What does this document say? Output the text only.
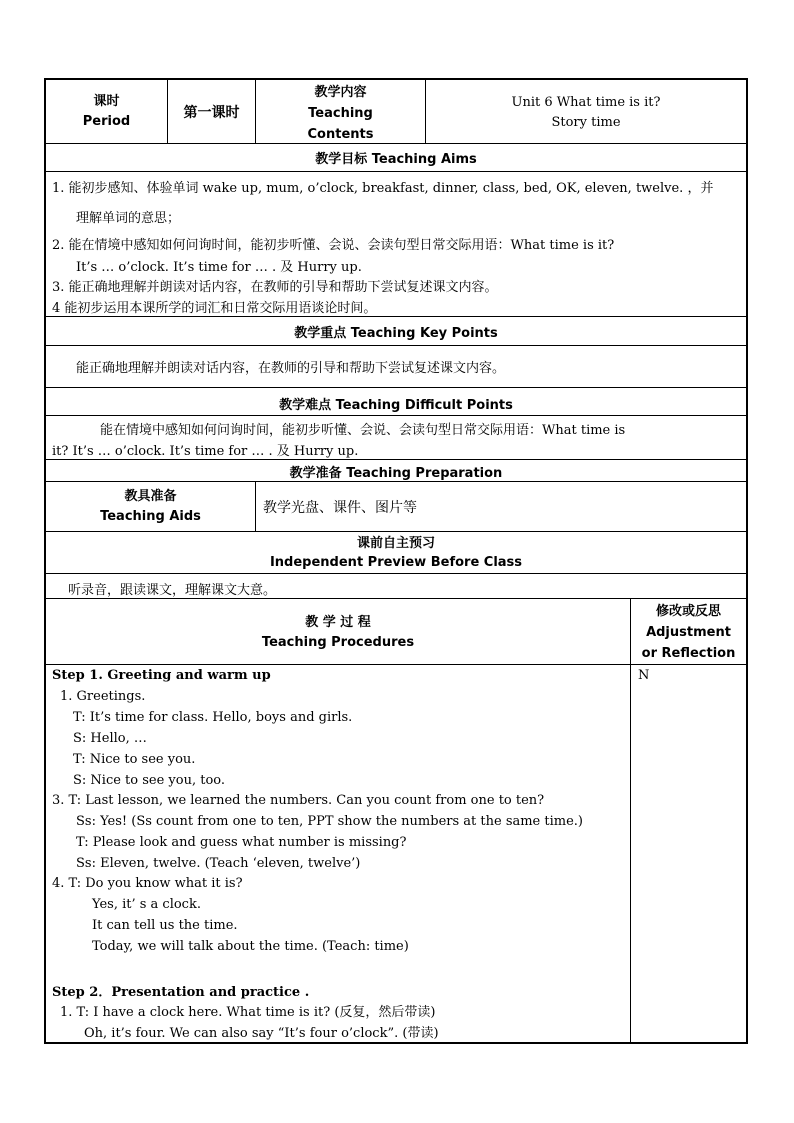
课时
Period
第一课时
教学内容
Teaching
Contents
Unit 6 What time is it?
Story time
教学目标 Teaching Aims
1. 能初步感知、体验单词 wake up, mum, o’clock, breakfast, dinner, class, bed, OK, eleven, twelve. ，并
理解单词的意思；
2. 能在情境中感知如何问询时间，能初步听懂、会说、会读句型日常交际用语：What time is it?
It’s … o’clock. It’s time for … . 及 Hurry up.
3. 能正确地理解并朗读对话内容，在教师的引导和帮助下尝试复述课文内容。
4 能初步运用本课所学的词汇和日常交际用语谈论时间。
教学重点 Teaching Key Points
能正确地理解并朗读对话内容，在教师的引导和帮助下尝试复述课文内容。
教学难点 Teaching Difficult Points
能在情境中感知如何问询时间，能初步听懂、会说、会读句型日常交际用语：What time is
it? It’s … o’clock. It’s time for … . 及 Hurry up.
教学准备 Teaching Preparation
教具准备
Teaching Aids
教学光盘、课件、图片等
课前自主预习
Independent Preview Before Class
听录音，跟读课文，理解课文大意。
教 学 过 程
Teaching Procedures
修改或反思
Adjustment
or Reflection
N
Step 1. Greeting and warm up
1. Greetings.
T: It’s time for class. Hello, boys and girls.
S: Hello, …
T: Nice to see you.
S: Nice to see you, too.
3. T: Last lesson, we learned the numbers. Can you count from one to ten?
Ss: Yes! (Ss count from one to ten, PPT show the numbers at the same time.)
T: Please look and guess what number is missing?
Ss: Eleven, twelve. (Teach ‘eleven, twelve’)
4. T: Do you know what it is?
Yes, it’ s a clock.
It can tell us the time.
Today, we will talk about the time. (Teach: time)
Step 2．Presentation and practice .
1. T: I have a clock here. What time is it? (反复，然后带读)
Oh, it’s four. We can also say “It’s four o’clock”. (带读)
